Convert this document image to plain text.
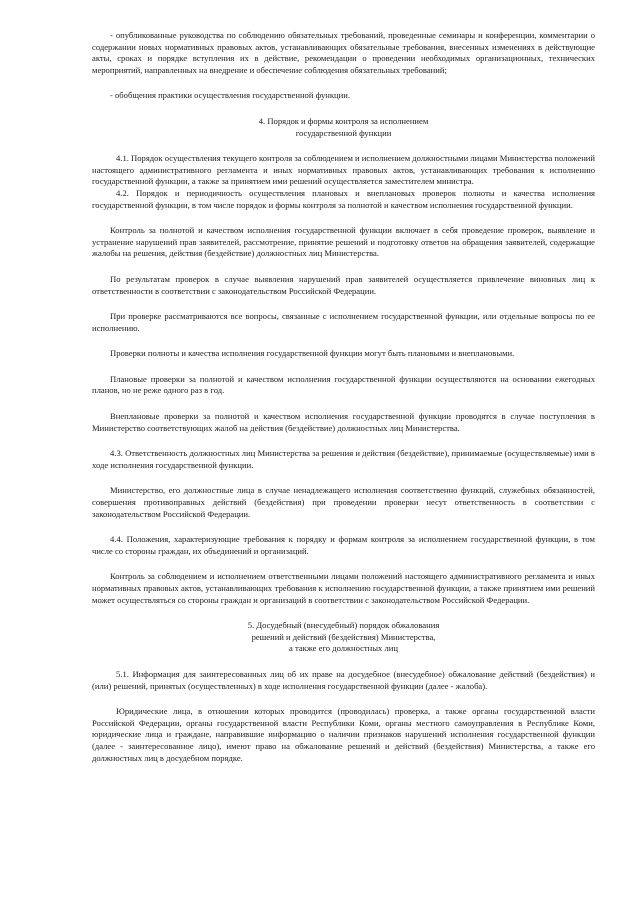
- опубликованные руководства по соблюдению обязательных требований, проведенные семинары и конференции, комментарии о содержании новых нормативных правовых актов, устанавливающих обязательные требования, внесенных изменениях в действующие акты, сроках и порядке вступления их в действие, рекомендации о проведении необходимых организационных, технических мероприятий, направленных на внедрение и обеспечение соблюдения обязательных требований;

- обобщения практики осуществления государственной функции.

4. Порядок и формы контроля за исполнением
государственной функции

4.1. Порядок осуществления текущего контроля за соблюдением и исполнением должностными лицами Министерства положений настоящего административного регламента и иных нормативных правовых актов, устанавливающих требования к исполнению государственной функции, а также за принятием ими решений осуществляется заместителем министра.

4.2. Порядок и периодичность осуществления плановых и внеплановых проверок полноты и качества исполнения государственной функции, в том числе порядок и формы контроля за полнотой и качеством исполнения государственной функции.

Контроль за полнотой и качеством исполнения государственной функции включает в себя проведение проверок, выявление и устранение нарушений прав заявителей, рассмотрение, принятие решений и подготовку ответов на обращения заявителей, содержащие жалобы на решения, действия (бездействие) должностных лиц Министерства.

По результатам проверок в случае выявления нарушений прав заявителей осуществляется привлечение виновных лиц к ответственности в соответствии с законодательством Российской Федерации.

При проверке рассматриваются все вопросы, связанные с исполнением государственной функции, или отдельные вопросы по ее исполнению.

Проверки полноты и качества исполнения государственной функции могут быть плановыми и внеплановыми.

Плановые проверки за полнотой и качеством исполнения государственной функции осуществляются на основании ежегодных планов, но не реже одного раз в год.

Внеплановые проверки за полнотой и качеством исполнения государственной функции проводятся в случае поступления в Министерство соответствующих жалоб на действия (бездействие) должностных лиц Министерства.

4.3. Ответственность должностных лиц Министерства за решения и действия (бездействие), принимаемые (осуществляемые) ими в ходе исполнения государственной функции.

Министерство, его должностные лица в случае ненадлежащего исполнения соответственно функций, служебных обязанностей, совершения противоправных действий (бездействия) при проведении проверки несут ответственность в соответствии с законодательством Российской Федерации.

4.4. Положения, характеризующие требования к порядку и формам контроля за исполнением государственной функции, в том числе со стороны граждан, их объединений и организаций.

Контроль за соблюдением и исполнением ответственными лицами положений настоящего административного регламента и иных нормативных правовых актов, устанавливающих требования к исполнению государственной функции, а также принятием ими решений может осуществляться со стороны граждан и организаций в соответствии с законодательством Российской Федерации.

5. Досудебный (внесудебный) порядок обжалования
решений и действий (бездействия) Министерства,
а также его должностных лиц

5.1. Информация для заинтересованных лиц об их праве на досудебное (внесудебное) обжалование действий (бездействия) и (или) решений, принятых (осуществленных) в ходе исполнения государственной функции (далее - жалоба).

Юридические лица, в отношении которых проводится (проводилась) проверка, а также органы государственной власти Российской Федерации, органы государственной власти Республики Коми, органы местного самоуправления в Республике Коми, юридические лица и граждане, направившие информацию о наличии признаков нарушений исполнения государственной функции (далее - заинтересованное лицо), имеют право на обжалование решений и действий (бездействия) Министерства, а также его должностных лиц в досудебном порядке.
